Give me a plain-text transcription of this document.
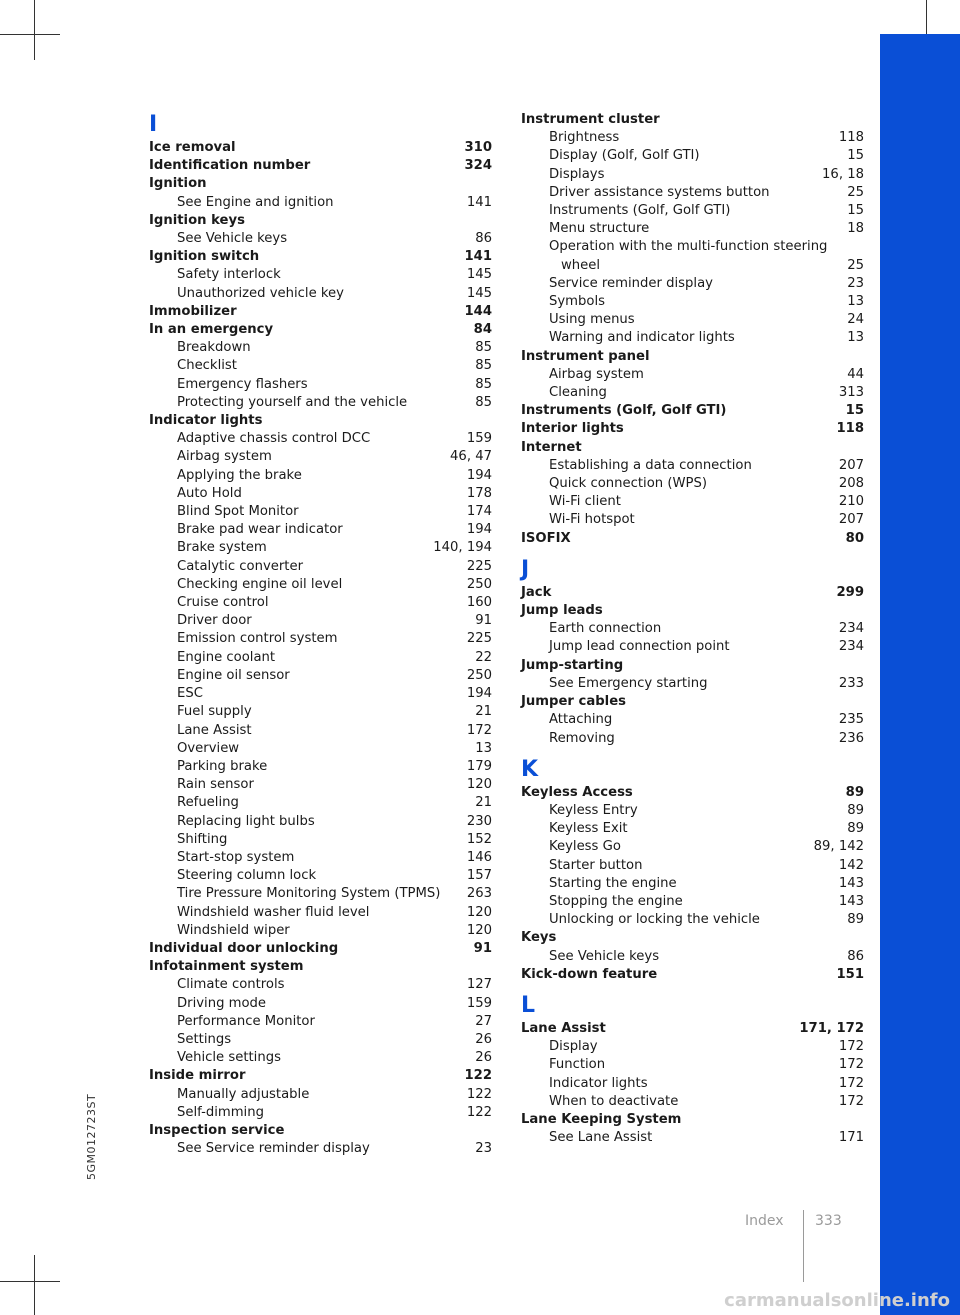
I
Ice removal	310
Identification number	324
Ignition
See Engine and ignition	141
Ignition keys
See Vehicle keys	86
Ignition switch	141
Safety interlock	145
Unauthorized vehicle key	145
Immobilizer	144
In an emergency	84
Breakdown	85
Checklist	85
Emergency flashers	85
Protecting yourself and the vehicle	85
Indicator lights
Adaptive chassis control DCC	159
Airbag system	46, 47
Applying the brake	194
Auto Hold	178
Blind Spot Monitor	174
Brake pad wear indicator	194
Brake system	140, 194
Catalytic converter	225
Checking engine oil level	250
Cruise control	160
Driver door	91
Emission control system	225
Engine coolant	22
Engine oil sensor	250
ESC	194
Fuel supply	21
Lane Assist	172
Overview	13
Parking brake	179
Rain sensor	120
Refueling	21
Replacing light bulbs	230
Shifting	152
Start-stop system	146
Steering column lock	157
Tire Pressure Monitoring System (TPMS)	263
Windshield washer fluid level	120
Windshield wiper	120
Individual door unlocking	91
Infotainment system
Climate controls	127
Driving mode	159
Performance Monitor	27
Settings	26
Vehicle settings	26
Inside mirror	122
Manually adjustable	122
Self-dimming	122
Inspection service
See Service reminder display	23
Instrument cluster
Brightness	118
Display (Golf, Golf GTI)	15
Displays	16, 18
Driver assistance systems button	25
Instruments (Golf, Golf GTI)	15
Menu structure	18
Operation with the multi-function steering wheel	25
Service reminder display	23
Symbols	13
Using menus	24
Warning and indicator lights	13
Instrument panel
Airbag system	44
Cleaning	313
Instruments (Golf, Golf GTI)	15
Interior lights	118
Internet
Establishing a data connection	207
Quick connection (WPS)	208
Wi-Fi client	210
Wi-Fi hotspot	207
ISOFIX	80
J
Jack	299
Jump leads
Earth connection	234
Jump lead connection point	234
Jump-starting
See Emergency starting	233
Jumper cables
Attaching	235
Removing	236
K
Keyless Access	89
Keyless Entry	89
Keyless Exit	89
Keyless Go	89, 142
Starter button	142
Starting the engine	143
Stopping the engine	143
Unlocking or locking the vehicle	89
Keys
See Vehicle keys	86
Kick-down feature	151
L
Lane Assist	171, 172
Display	172
Function	172
Indicator lights	172
When to deactivate	172
Lane Keeping System
See Lane Assist	171
5GM012723ST
Index 333
carmanualsonline.info
